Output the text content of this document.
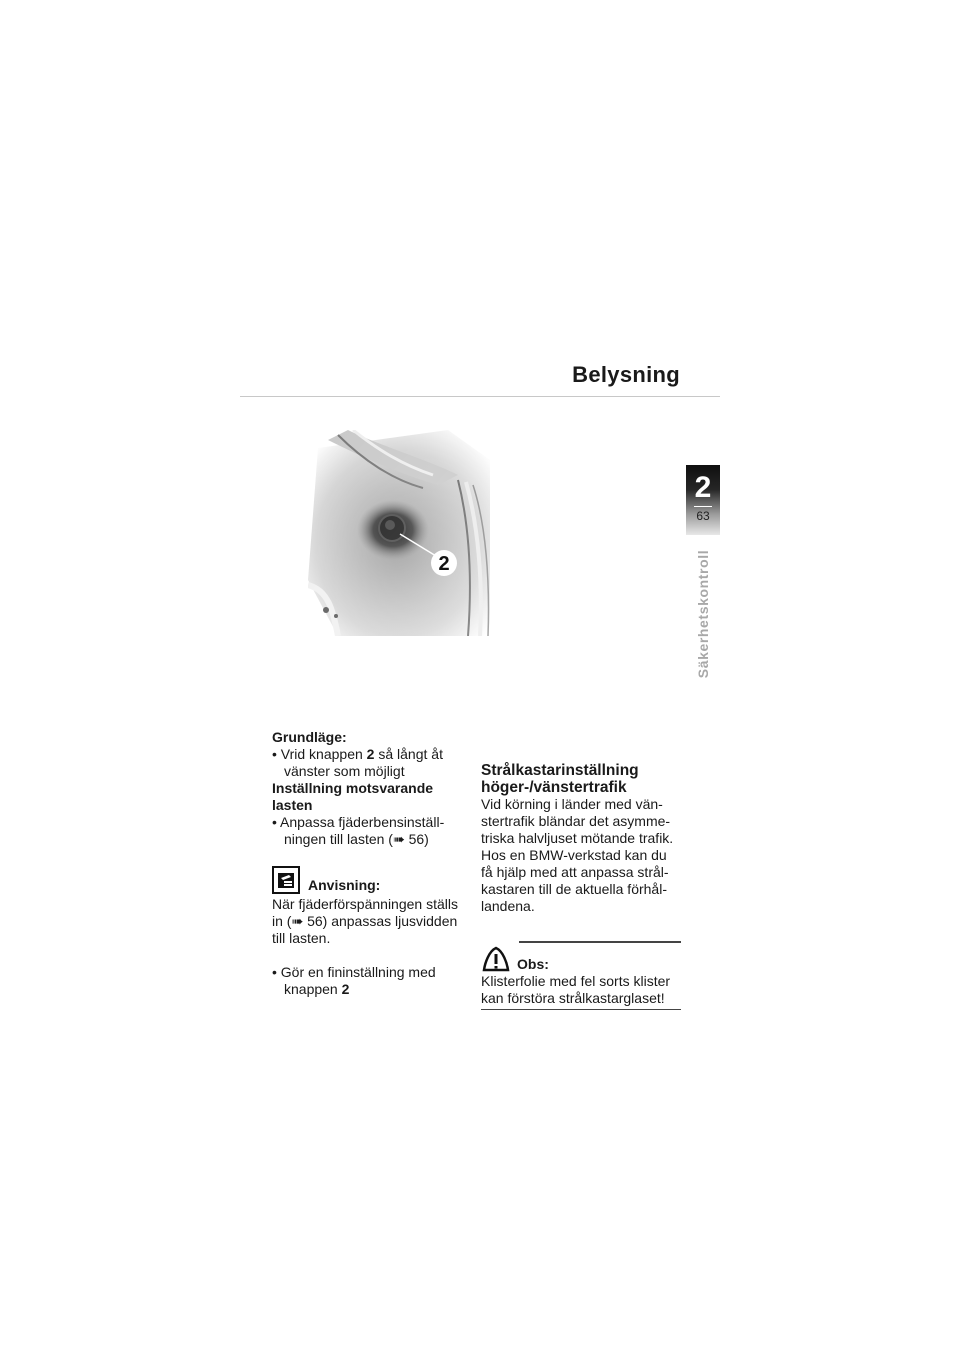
Belysning
2
63
Säkerhetskontroll
2
Grundläge:
• Vrid knappen 2 så långt åt vänster som möjligt
Inställning motsvarande lasten
• Anpassa fjäderbensinställ-ningen till lasten (➠ 56)
Anvisning:
När fjäderförspänningen ställs in (➠ 56) anpassas ljusvidden till lasten.
• Gör en fininställning med knappen 2
Strålkastarinställning höger-/vänstertrafik
Vid körning i länder med vän-stertrafik bländar det asymme-triska halvljuset mötande trafik. Hos en BMW-verkstad kan du få hjälp med att anpassa strål-kastaren till de aktuella förhål-landena.
Obs:
Klisterfolie med fel sorts klister kan förstöra strålkastarglaset!
